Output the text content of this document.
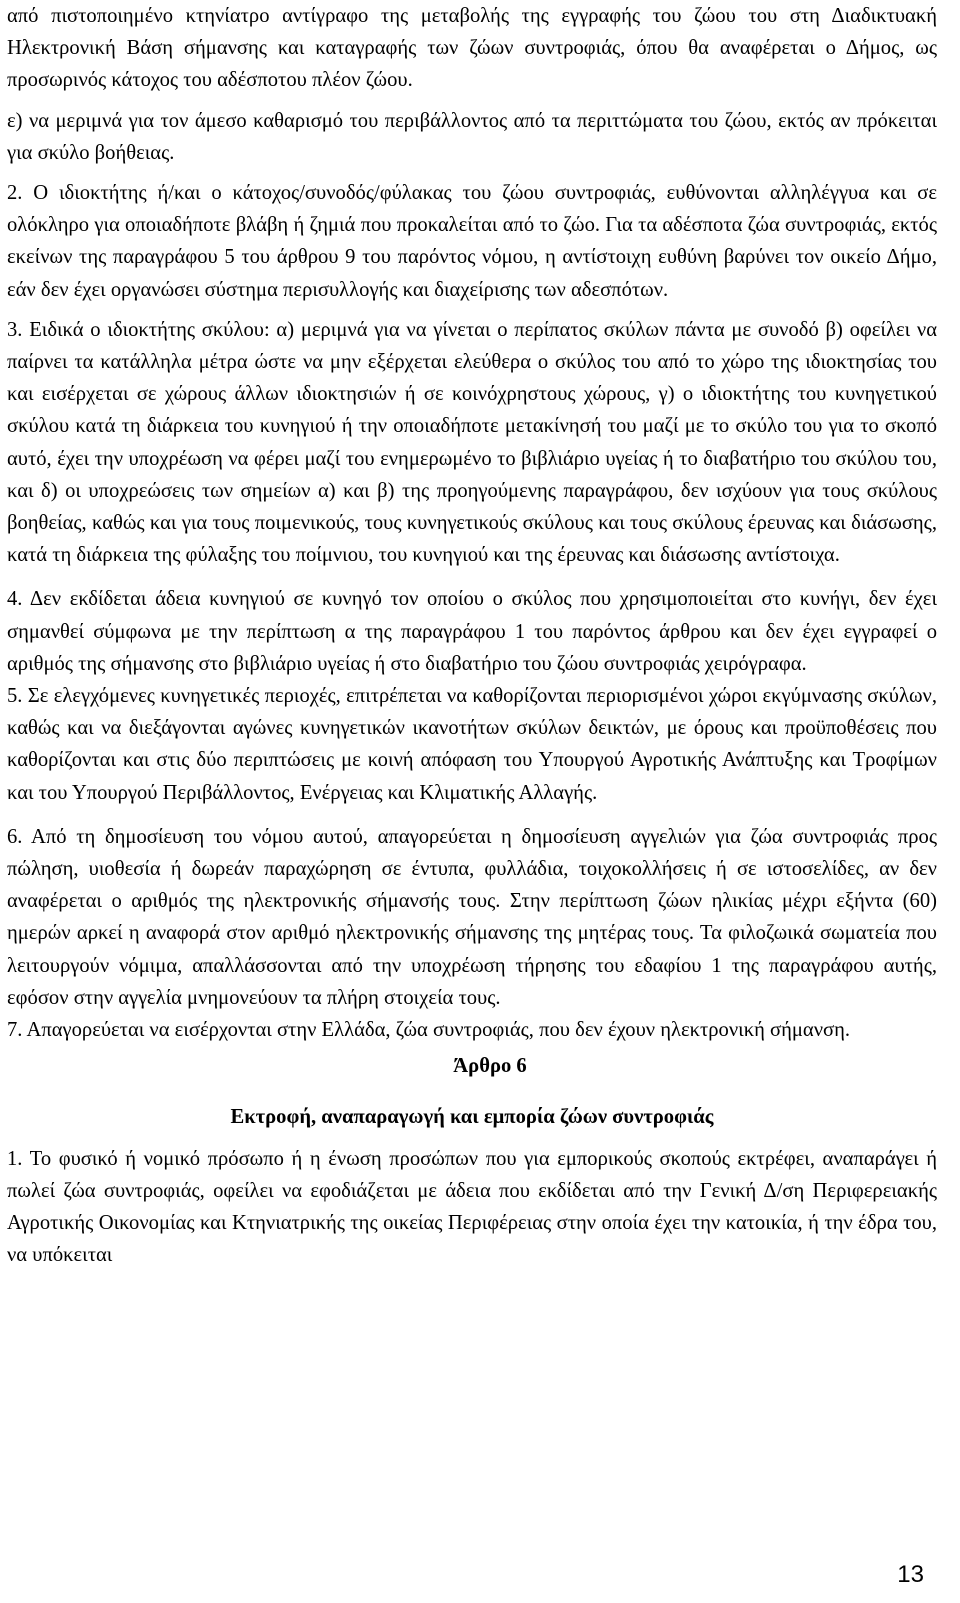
από πιστοποιημένο κτηνίατρο αντίγραφο της μεταβολής της εγγραφής του ζώου του στη Διαδικτυακή Ηλεκτρονική Βάση σήμανσης και καταγραφής των ζώων συντροφιάς, όπου θα αναφέρεται ο Δήμος, ως προσωρινός κάτοχος του αδέσποτου πλέον ζώου.

ε) να μεριμνά για τον άμεσο καθαρισμό του περιβάλλοντος από τα περιττώματα του ζώου, εκτός αν πρόκειται για σκύλο βοήθειας.

2. Ο ιδιοκτήτης ή/και ο κάτοχος/συνοδός/φύλακας του ζώου συντροφιάς, ευθύνονται αλληλέγγυα και σε ολόκληρο για οποιαδήποτε βλάβη ή ζημιά που προκαλείται από το ζώο. Για τα αδέσποτα ζώα συντροφιάς, εκτός εκείνων της παραγράφου 5 του άρθρου 9 του παρόντος νόμου, η αντίστοιχη ευθύνη βαρύνει τον οικείο Δήμο, εάν δεν έχει οργανώσει σύστημα περισυλλογής και διαχείρισης των αδεσπότων.

3. Ειδικά ο ιδιοκτήτης σκύλου: α) μεριμνά για να γίνεται ο περίπατος σκύλων πάντα με συνοδό β) οφείλει να παίρνει τα κατάλληλα μέτρα ώστε να μην εξέρχεται ελεύθερα ο σκύλος του από το χώρο της ιδιοκτησίας του και εισέρχεται σε χώρους άλλων ιδιοκτησιών ή σε κοινόχρηστους χώρους, γ) ο ιδιοκτήτης του κυνηγετικού σκύλου κατά τη διάρκεια του κυνηγιού ή την οποιαδήποτε μετακίνησή του μαζί με το σκύλο του για το σκοπό αυτό, έχει την υποχρέωση να φέρει μαζί του ενημερωμένο το βιβλιάριο υγείας ή το διαβατήριο του σκύλου του, και δ) οι υποχρεώσεις των σημείων α) και β) της προηγούμενης παραγράφου, δεν ισχύουν για τους σκύλους βοηθείας, καθώς και για τους ποιμενικούς, τους κυνηγετικούς σκύλους και τους σκύλους έρευνας και διάσωσης, κατά τη διάρκεια της φύλαξης του ποίμνιου, του κυνηγιού και της έρευνας και διάσωσης αντίστοιχα.

4. Δεν εκδίδεται άδεια κυνηγιού σε κυνηγό τον οποίου ο σκύλος που χρησιμοποιείται στο κυνήγι, δεν έχει σημανθεί σύμφωνα με την περίπτωση α της παραγράφου 1 του παρόντος άρθρου και δεν έχει εγγραφεί ο αριθμός της σήμανσης στο βιβλιάριο υγείας ή στο διαβατήριο του ζώου συντροφιάς χειρόγραφα.

5. Σε ελεγχόμενες κυνηγετικές περιοχές, επιτρέπεται να καθορίζονται περιορισμένοι χώροι εκγύμνασης σκύλων, καθώς και να διεξάγονται αγώνες κυνηγετικών ικανοτήτων σκύλων δεικτών, με όρους και προϋποθέσεις που καθορίζονται και στις δύο περιπτώσεις με κοινή απόφαση του Υπουργού Αγροτικής Ανάπτυξης και Τροφίμων και του Υπουργού Περιβάλλοντος, Ενέργειας και Κλιματικής Αλλαγής.

6. Από τη δημοσίευση του νόμου αυτού, απαγορεύεται η δημοσίευση αγγελιών για ζώα συντροφιάς προς πώληση, υιοθεσία ή δωρεάν παραχώρηση σε έντυπα, φυλλάδια, τοιχοκολλήσεις ή σε ιστοσελίδες, αν δεν αναφέρεται ο αριθμός της ηλεκτρονικής σήμανσής τους. Στην περίπτωση ζώων ηλικίας μέχρι εξήντα (60) ημερών αρκεί η αναφορά στον αριθμό ηλεκτρονικής σήμανσης της μητέρας τους. Τα φιλοζωικά σωματεία που λειτουργούν νόμιμα, απαλλάσσονται από την υποχρέωση τήρησης του εδαφίου 1 της παραγράφου αυτής, εφόσον στην αγγελία μνημονεύουν τα πλήρη στοιχεία τους.

7. Απαγορεύεται να εισέρχονται στην Ελλάδα, ζώα συντροφιάς, που δεν έχουν ηλεκτρονική σήμανση.

Άρθρο 6

Εκτροφή, αναπαραγωγή και εμπορία ζώων συντροφιάς

1. Το φυσικό ή νομικό πρόσωπο ή η ένωση προσώπων που για εμπορικούς σκοπούς εκτρέφει, αναπαράγει ή πωλεί ζώα συντροφιάς, οφείλει να εφοδιάζεται με άδεια που εκδίδεται από την Γενική Δ/ση Περιφερειακής Αγροτικής Οικονομίας και Κτηνιατρικής της οικείας Περιφέρειας στην οποία έχει την κατοικία, ή την έδρα του, να υπόκειται

13
